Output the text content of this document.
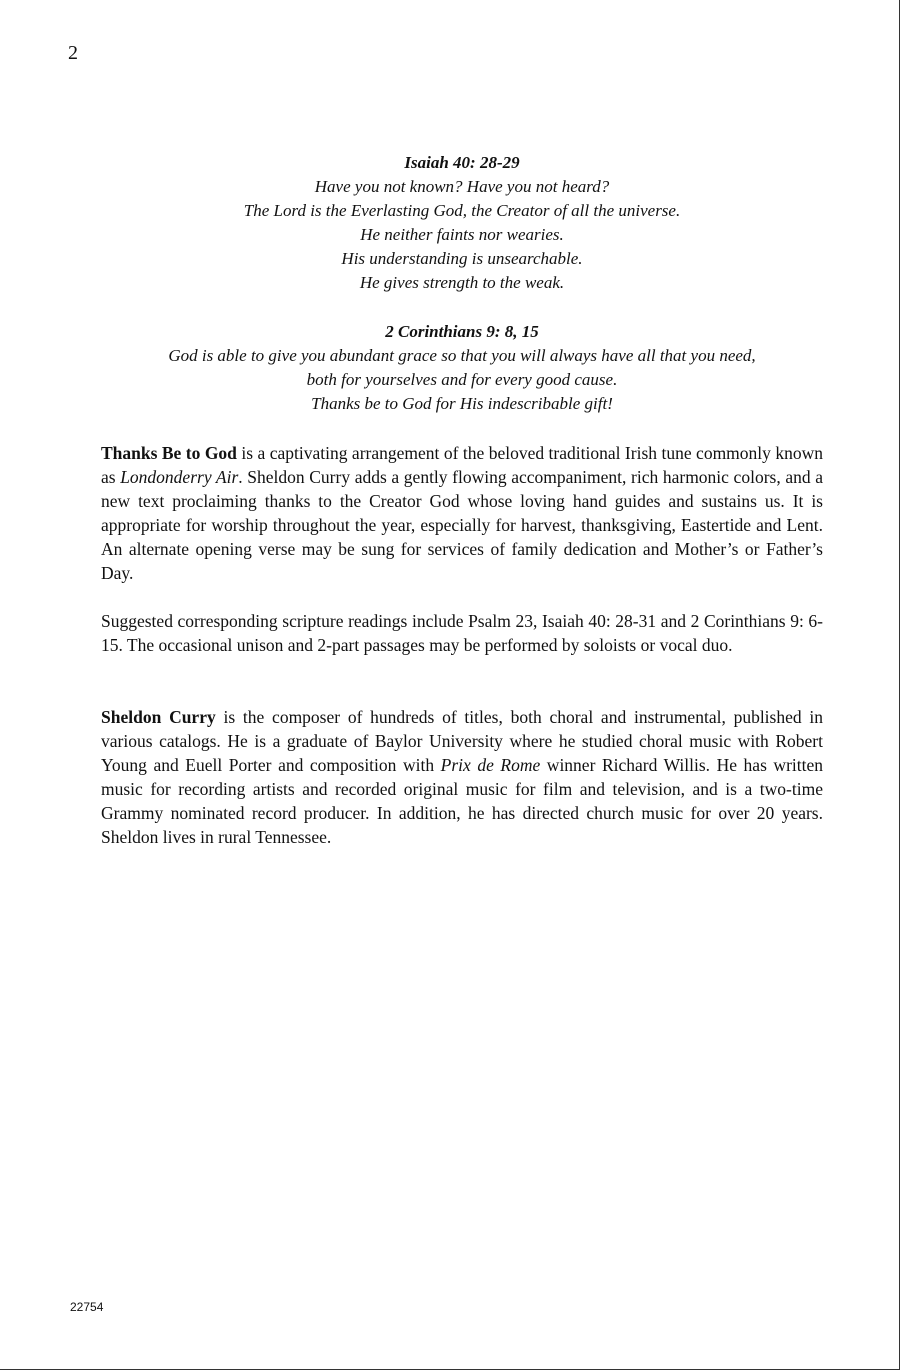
2
Isaiah 40: 28-29
Have you not known? Have you not heard?
The Lord is the Everlasting God, the Creator of all the universe.
He neither faints nor wearies.
His understanding is unsearchable.
He gives strength to the weak.
2 Corinthians 9: 8, 15
God is able to give you abundant grace so that you will always have all that you need,
both for yourselves and for every good cause.
Thanks be to God for His indescribable gift!

Thanks Be to God is a captivating arrangement of the beloved traditional Irish tune commonly known as Londonderry Air. Sheldon Curry adds a gently flowing accompaniment, rich harmonic colors, and a new text proclaiming thanks to the Creator God whose loving hand guides and sustains us. It is appropriate for worship throughout the year, especially for harvest, thanksgiving, Eastertide and Lent. An alternate opening verse may be sung for services of family dedication and Mother’s or Father’s Day.

Suggested corresponding scripture readings include Psalm 23, Isaiah 40: 28-31 and 2 Corinthians 9: 6-15. The occasional unison and 2-part passages may be performed by soloists or vocal duo.

Sheldon Curry is the composer of hundreds of titles, both choral and instrumental, published in various catalogs. He is a graduate of Baylor University where he studied choral music with Robert Young and Euell Porter and composition with Prix de Rome winner Richard Willis. He has written music for recording artists and recorded original music for film and television, and is a two-time Grammy nominated record producer. In addition, he has directed church music for over 20 years. Sheldon lives in rural Tennessee.

22754
